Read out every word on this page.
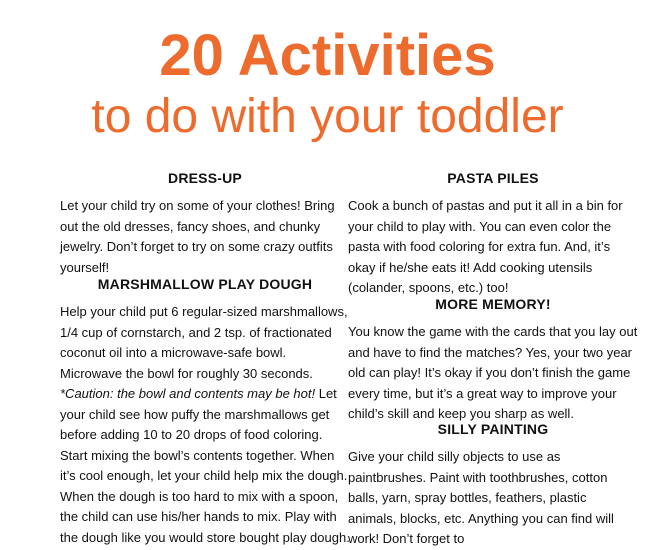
20 Activities
to do with your toddler
DRESS-UP

Let your child try on some of your clothes! Bring out the old dresses, fancy shoes, and chunky jewelry. Don’t forget to try on some crazy outfits yourself!

MARSHMALLOW PLAY DOUGH

Help your child put 6 regular-sized marshmallows, 1/4 cup of cornstarch, and 2 tsp. of fractionated coconut oil into a microwave-safe bowl. Microwave the bowl for roughly 30 seconds. *Caution: the bowl and contents may be hot! Let your child see how puffy the marshmallows get before adding 10 to 20 drops of food coloring. Start mixing the bowl’s contents together. When it’s cool enough, let your child help mix the dough. When the dough is too hard to mix with a spoon, the child can use his/her hands to mix. Play with the dough like you would store bought play dough.

PASTA PILES

Cook a bunch of pastas and put it all in a bin for your child to play with. You can even color the pasta with food coloring for extra fun. And, it’s okay if he/she eats it! Add cooking utensils (colander, spoons, etc.) too!

MORE MEMORY!

You know the game with the cards that you lay out and have to find the matches? Yes, your two year old can play! It’s okay if you don’t finish the game every time, but it’s a great way to improve your child’s skill and keep you sharp as well.

SILLY PAINTING

Give your child silly objects to use as paintbrushes. Paint with toothbrushes, cotton balls, yarn, spray bottles, feathers, plastic animals, blocks, etc. Anything you can find will work! Don’t forget to
